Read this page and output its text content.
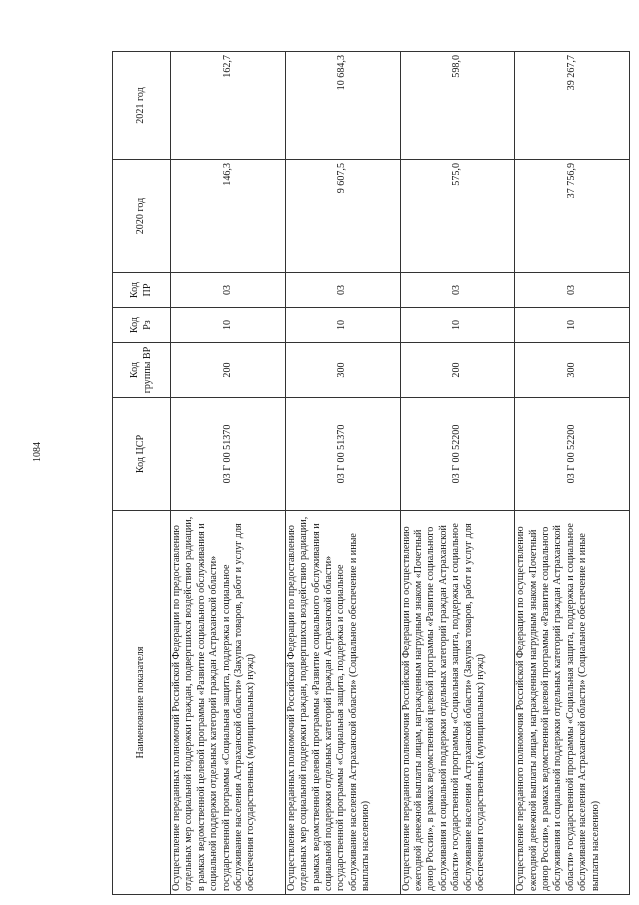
1084
Наименование показателя	Код ЦСР	Код группы ВР	Код Рз	Код ПР	2020 год	2021 год
Осуществление переданных полномочий Российской Федерации по предоставлению отдельных мер социальной поддержки граждан, подвергшихся воздействию радиации, в рамках ведомственной целевой программы «Развитие социального обслуживания и социальной поддержки отдельных категорий граждан Астраханской области» государственной программы «Социальная защита, поддержка и социальное обслуживание населения Астраханской области» (Закупка товаров, работ и услуг для обеспечения государственных (муниципальных) нужд)	03 Г 00 51370	200	10	03	146,3	162,7
Осуществление переданных полномочий Российской Федерации по предоставлению отдельных мер социальной поддержки граждан, подвергшихся воздействию радиации, в рамках ведомственной целевой программы «Развитие социального обслуживания и социальной поддержки отдельных категорий граждан Астраханской области» государственной программы «Социальная защита, поддержка и социальное обслуживание населения Астраханской области» (Социальное обеспечение и иные выплаты населению)	03 Г 00 51370	300	10	03	9 607,5	10 684,3
Осуществление переданного полномочия Российской Федерации по осуществлению ежегодной денежной выплаты лицам, награжденным нагрудным знаком «Почетный донор России», в рамках ведомственной целевой программы «Развитие социального обслуживания и социальной поддержки отдельных категорий граждан Астраханской области» государственной программы «Социальная защита, поддержка и социальное обслуживание населения Астраханской области» (Закупка товаров, работ и услуг для обеспечения государственных (муниципальных) нужд)	03 Г 00 52200	200	10	03	575,0	598,0
Осуществление переданного полномочия Российской Федерации по осуществлению ежегодной денежной выплаты лицам, награжденным нагрудным знаком «Почетный донор России», в рамках ведомственной целевой программы «Развитие социального обслуживания и социальной поддержки отдельных категорий граждан Астраханской области» государственной программы «Социальная защита, поддержка и социальное обслуживание населения Астраханской области» (Социальное обеспечение и иные выплаты населению)	03 Г 00 52200	300	10	03	37 756,9	39 267,7
